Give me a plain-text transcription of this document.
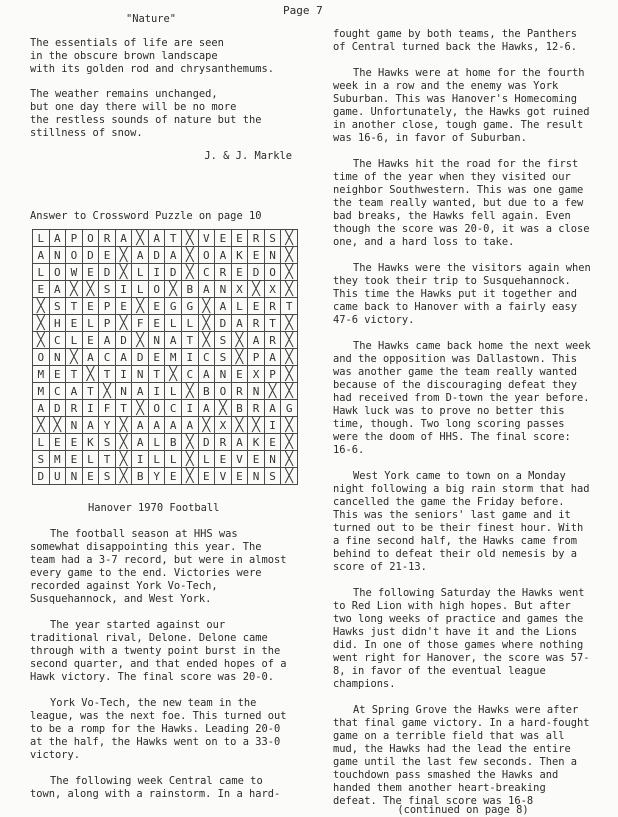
Page 7
"Nature"
The essentials of life are seen
in the obscure brown landscape
with its golden rod and chrysanthemums.
The weather remains unchanged,
but one day there will be no more
the restless sounds of nature but the
stillness of snow.
J. & J. Markle
Answer to Crossword Puzzle on page 10
L	A	P	O	R	A	╳	A	T	╳	V	E	E	R	S	╳
A	N	O	D	E	╳	A	D	A	╳	O	A	K	E	N	╳
L	O	W	E	D	╳	L	I	D	╳	C	R	E	D	O	╳
E	A	╳	╳	S	I	L	O	╳	B	A	N	X	╳	X	╳
╳	S	T	E	P	E	╳	E	G	G	╳	A	L	E	R	T
╳	H	E	L	P	╳	F	E	L	L	╳	D	A	R	T	╳
╳	C	L	E	A	D	╳	N	A	T	╳	S	╳	A	R	╳
O	N	╳	A	C	A	D	E	M	I	C	S	╳	P	A	╳
M	E	T	╳	T	I	N	T	╳	C	A	N	E	X	P	╳
M	C	A	T	╳	N	A	I	L	╳	B	O	R	N	╳	╳
A	D	R	I	F	T	╳	O	C	I	A	╳	B	R	A	G
╳	╳	N	A	Y	╳	A	A	A	A	╳	X	╳	╳	I	╳
L	E	E	K	S	╳	A	L	B	╳	D	R	A	K	E	╳
S	M	E	L	T	╳	I	L	L	╳	L	E	V	E	N	╳
D	U	N	E	S	╳	B	Y	E	╳	E	V	E	N	S	╳
Hanover 1970 Football

The football season at HHS was somewhat disappointing this year. The team had a 3-7 record, but were in almost every game to the end. Victories were recorded against York Vo-Tech, Susquehannock, and West York.

The year started against our traditional rival, Delone. Delone came through with a twenty point burst in the second quarter, and that ended hopes of a Hawk victory. The final score was 20-0.

York Vo-Tech, the new team in the league, was the next foe. This turned out to be a romp for the Hawks. Leading 20-0 at the half, the Hawks went on to a 33-0 victory.

The following week Central came to town, along with a rainstorm. In a hard-

fought game by both teams, the Panthers of Central turned back the Hawks, 12-6.

The Hawks were at home for the fourth week in a row and the enemy was York Suburban. This was Hanover's Homecoming game. Unfortunately, the Hawks got ruined in another close, tough game. The result was 16-6, in favor of Suburban.

The Hawks hit the road for the first time of the year when they visited our neighbor Southwestern. This was one game the team really wanted, but due to a few bad breaks, the Hawks fell again. Even though the score was 20-0, it was a close one, and a hard loss to take.

The Hawks were the visitors again when they took their trip to Susquehannock. This time the Hawks put it together and came back to Hanover with a fairly easy 47-6 victory.

The Hawks came back home the next week and the opposition was Dallastown. This was another game the team really wanted because of the discouraging defeat they had received from D-town the year before. Hawk luck was to prove no better this time, though. Two long scoring passes were the doom of HHS. The final score: 16-6.

West York came to town on a Monday night following a big rain storm that had cancelled the game the Friday before. This was the seniors' last game and it turned out to be their finest hour. With a fine second half, the Hawks came from behind to defeat their old nemesis by a score of 21-13.

The following Saturday the Hawks went to Red Lion with high hopes. But after two long weeks of practice and games the Hawks just didn't have it and the Lions did. In one of those games where nothing went right for Hanover, the score was 57-8, in favor of the eventual league champions.

At Spring Grove the Hawks were after that final game victory. In a hard-fought game on a terrible field that was all mud, the Hawks had the lead the entire game until the last few seconds. Then a touchdown pass smashed the Hawks and handed them another heart-breaking defeat. The final score was 16-8

(continued on page 8)
